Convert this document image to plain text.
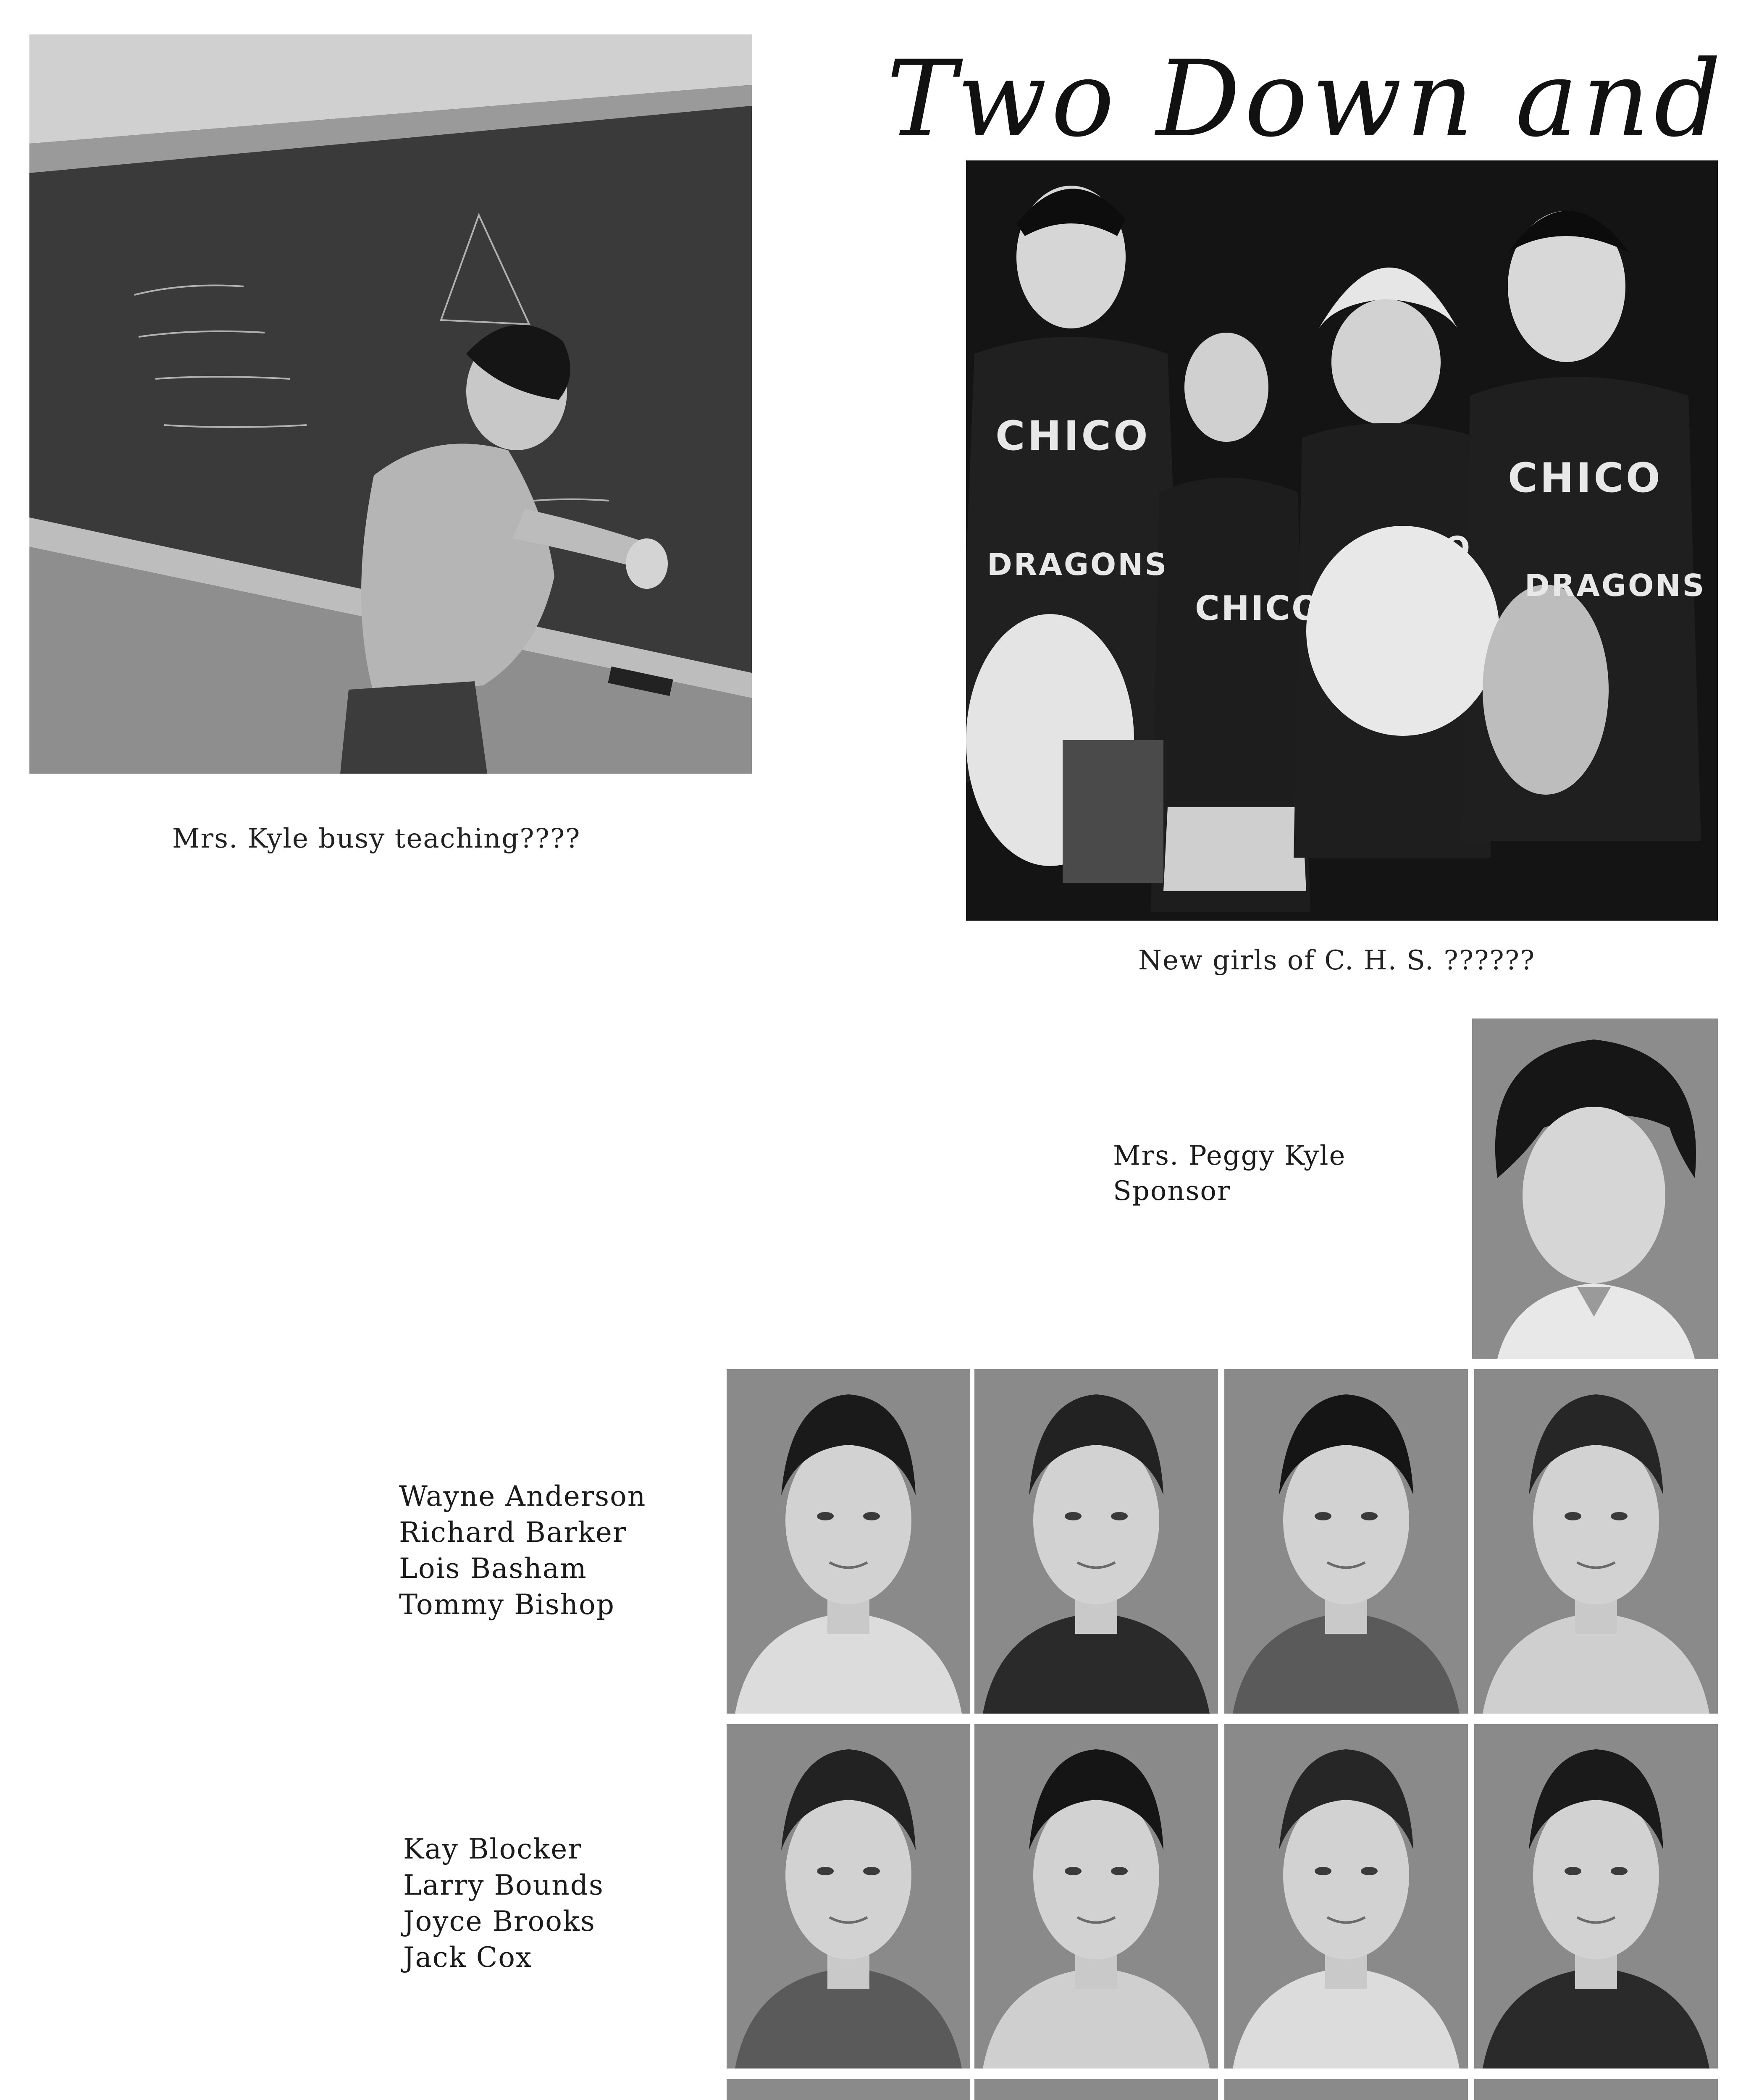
Two Down and
Mrs. Kyle busy teaching????
CHICO
DRAGONS
CHICO
CHICO
CHICO
DRAGONS
New girls of C. H. S. ??????
Mrs. Peggy Kyle
Sponsor
Wayne Anderson
Richard Barker
Lois Basham
Tommy Bishop
Kay Blocker
Larry Bounds
Joyce Brooks
Jack Cox
